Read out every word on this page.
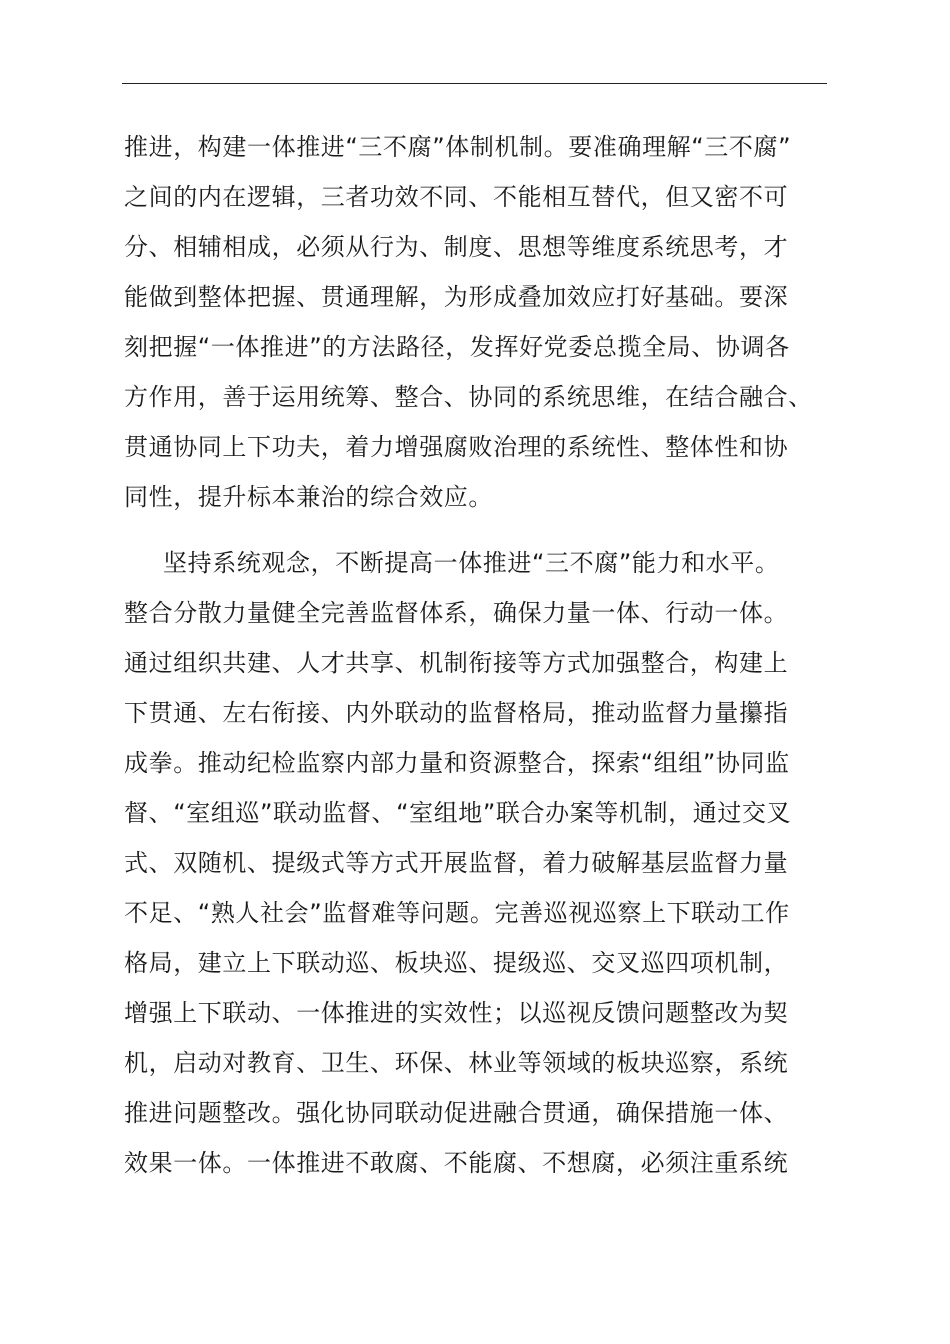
推进，构建一体推进“三不腐”体制机制。要准确理解“三不腐”
之间的内在逻辑，三者功效不同、不能相互替代，但又密不可
分、相辅相成，必须从行为、制度、思想等维度系统思考，才
能做到整体把握、贯通理解，为形成叠加效应打好基础。要深
刻把握“一体推进”的方法路径，发挥好党委总揽全局、协调各
方作用，善于运用统筹、整合、协同的系统思维，在结合融合、
贯通协同上下功夫，着力增强腐败治理的系统性、整体性和协
同性，提升标本兼治的综合效应。
坚持系统观念，不断提高一体推进“三不腐”能力和水平。
整合分散力量健全完善监督体系，确保力量一体、行动一体。
通过组织共建、人才共享、机制衔接等方式加强整合，构建上
下贯通、左右衔接、内外联动的监督格局，推动监督力量攥指
成拳。推动纪检监察内部力量和资源整合，探索“组组”协同监
督、“室组巡”联动监督、“室组地”联合办案等机制，通过交叉
式、双随机、提级式等方式开展监督，着力破解基层监督力量
不足、“熟人社会”监督难等问题。完善巡视巡察上下联动工作
格局，建立上下联动巡、板块巡、提级巡、交叉巡四项机制，
增强上下联动、一体推进的实效性；以巡视反馈问题整改为契
机，启动对教育、卫生、环保、林业等领域的板块巡察，系统
推进问题整改。强化协同联动促进融合贯通，确保措施一体、
效果一体。一体推进不敢腐、不能腐、不想腐，必须注重系统
